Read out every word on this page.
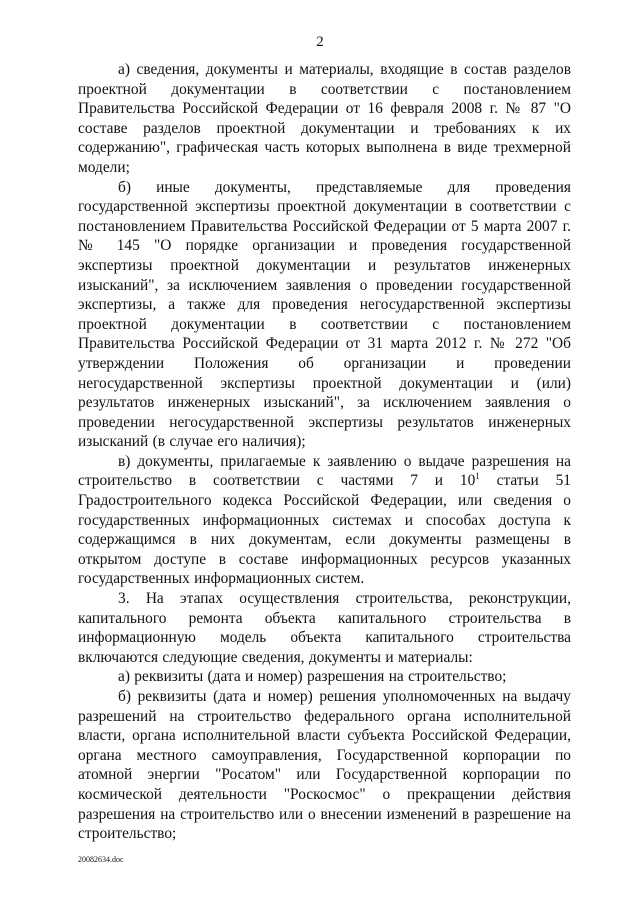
2

а) сведения, документы и материалы, входящие в состав разделов проектной документации в соответствии с постановлением Правительства Российской Федерации от 16 февраля 2008 г. № 87 "О составе разделов проектной документации и требованиях к их содержанию", графическая часть которых выполнена в виде трехмерной модели;

б) иные документы, представляемые для проведения государственной экспертизы проектной документации в соответствии с постановлением Правительства Российской Федерации от 5 марта 2007 г. № 145 "О порядке организации и проведения государственной экспертизы проектной документации и результатов инженерных изысканий", за исключением заявления о проведении государственной экспертизы, а также для проведения негосударственной экспертизы проектной документации в соответствии с постановлением Правительства Российской Федерации от 31 марта 2012 г. № 272 "Об утверждении Положения об организации и проведении негосударственной экспертизы проектной документации и (или) результатов инженерных изысканий", за исключением заявления о проведении негосударственной экспертизы результатов инженерных изысканий (в случае его наличия);

в) документы, прилагаемые к заявлению о выдаче разрешения на строительство в соответствии с частями 7 и $10^1$ статьи 51 Градостроительного кодекса Российской Федерации, или сведения о государственных информационных системах и способах доступа к содержащимся в них документам, если документы размещены в открытом доступе в составе информационных ресурсов указанных государственных информационных систем.

3. На этапах осуществления строительства, реконструкции, капитального ремонта объекта капитального строительства в информационную модель объекта капитального строительства включаются следующие сведения, документы и материалы:

а) реквизиты (дата и номер) разрешения на строительство;

б) реквизиты (дата и номер) решения уполномоченных на выдачу разрешений на строительство федерального органа исполнительной власти, органа исполнительной власти субъекта Российской Федерации, органа местного самоуправления, Государственной корпорации по атомной энергии "Росатом" или Государственной корпорации по космической деятельности "Роскосмос" о прекращении действия разрешения на строительство или о внесении изменений в разрешение на строительство;

20082634.doc
